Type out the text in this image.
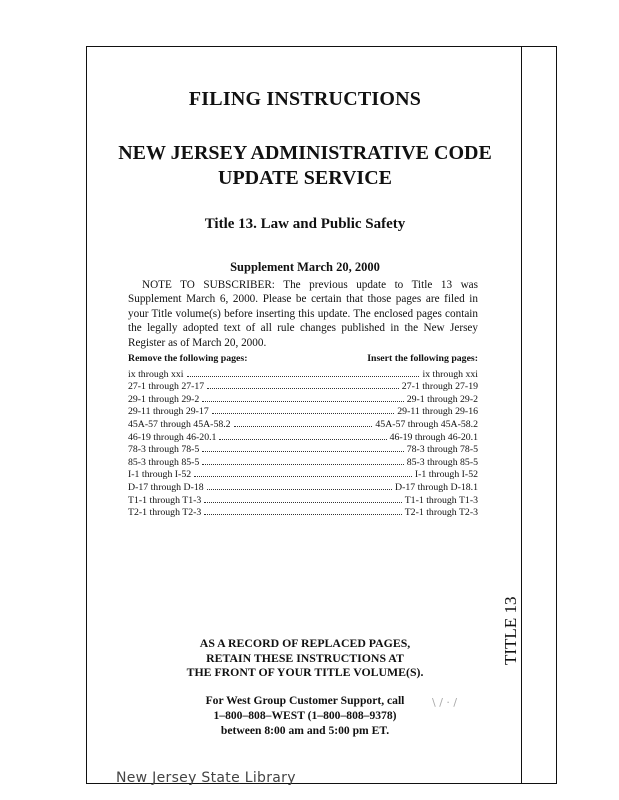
TITLE 13
FILING INSTRUCTIONS
NEW JERSEY ADMINISTRATIVE CODE
UPDATE SERVICE
Title 13. Law and Public Safety
Supplement March 20, 2000
NOTE TO SUBSCRIBER: The previous update to Title 13 was Supplement March 6, 2000. Please be certain that those pages are filed in your Title volume(s) before inserting this update. The enclosed pages contain the legally adopted text of all rule changes published in the New Jersey Register as of March 20, 2000.
Remove the following pages:	Insert the following pages:
ix through xxi	ix through xxi
27-1 through 27-17	27-1 through 27-19
29-1 through 29-2	29-1 through 29-2
29-11 through 29-17	29-11 through 29-16
45A-57 through 45A-58.2	45A-57 through 45A-58.2
46-19 through 46-20.1	46-19 through 46-20.1
78-3 through 78-5	78-3 through 78-5
85-3 through 85-5	85-3 through 85-5
I-1 through I-52	I-1 through I-52
D-17 through D-18	D-17 through D-18.1
T1-1 through T1-3	T1-1 through T1-3
T2-1 through T2-3	T2-1 through T2-3
AS A RECORD OF REPLACED PAGES,
RETAIN THESE INSTRUCTIONS AT
THE FRONT OF YOUR TITLE VOLUME(S).
For West Group Customer Support, call
1–800–808–WEST (1–800–808–9378)
between 8:00 am and 5:00 pm ET.
\ / · /
New Jersey State Library
